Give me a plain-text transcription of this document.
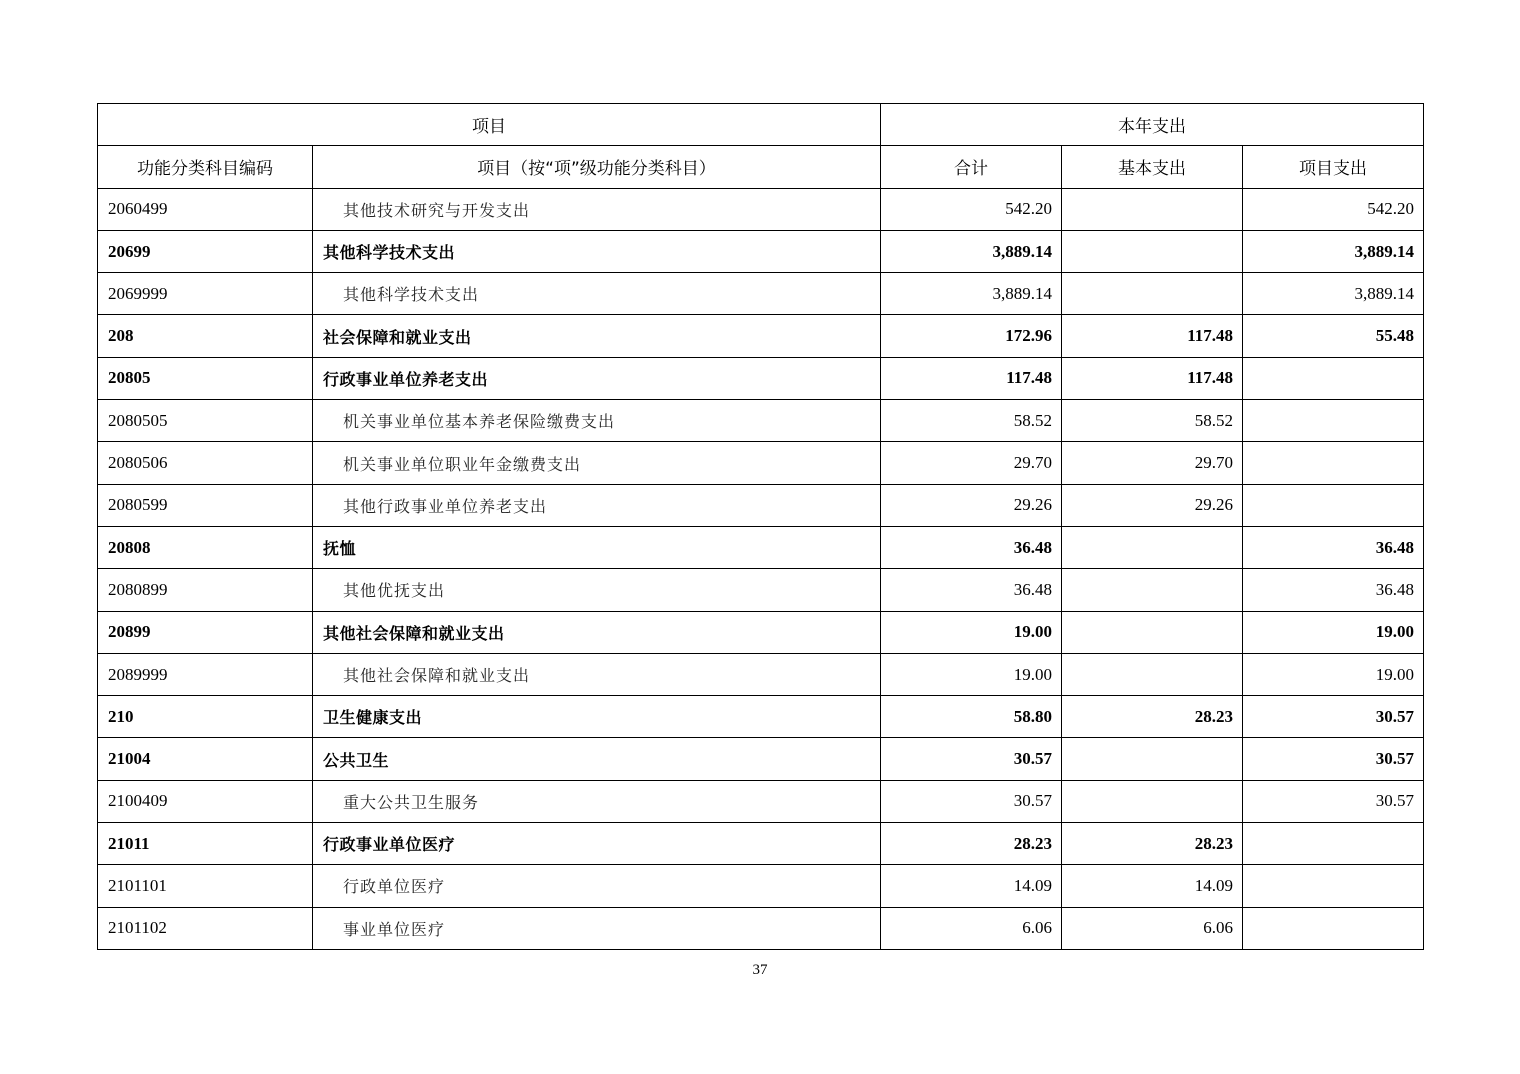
项目		本年支出		
功能分类科目编码	项目（按“项”级功能分类科目）	合计	基本支出	项目支出
2060499	其他技术研究与开发支出	542.20		542.20
20699	其他科学技术支出	3,889.14		3,889.14
2069999	其他科学技术支出	3,889.14		3,889.14
208	社会保障和就业支出	172.96	117.48	55.48
20805	行政事业单位养老支出	117.48	117.48	
2080505	机关事业单位基本养老保险缴费支出	58.52	58.52	
2080506	机关事业单位职业年金缴费支出	29.70	29.70	
2080599	其他行政事业单位养老支出	29.26	29.26	
20808	抚恤	36.48		36.48
2080899	其他优抚支出	36.48		36.48
20899	其他社会保障和就业支出	19.00		19.00
2089999	其他社会保障和就业支出	19.00		19.00
210	卫生健康支出	58.80	28.23	30.57
21004	公共卫生	30.57		30.57
2100409	重大公共卫生服务	30.57		30.57
21011	行政事业单位医疗	28.23	28.23	
2101101	行政单位医疗	14.09	14.09	
2101102	事业单位医疗	6.06	6.06	
37
